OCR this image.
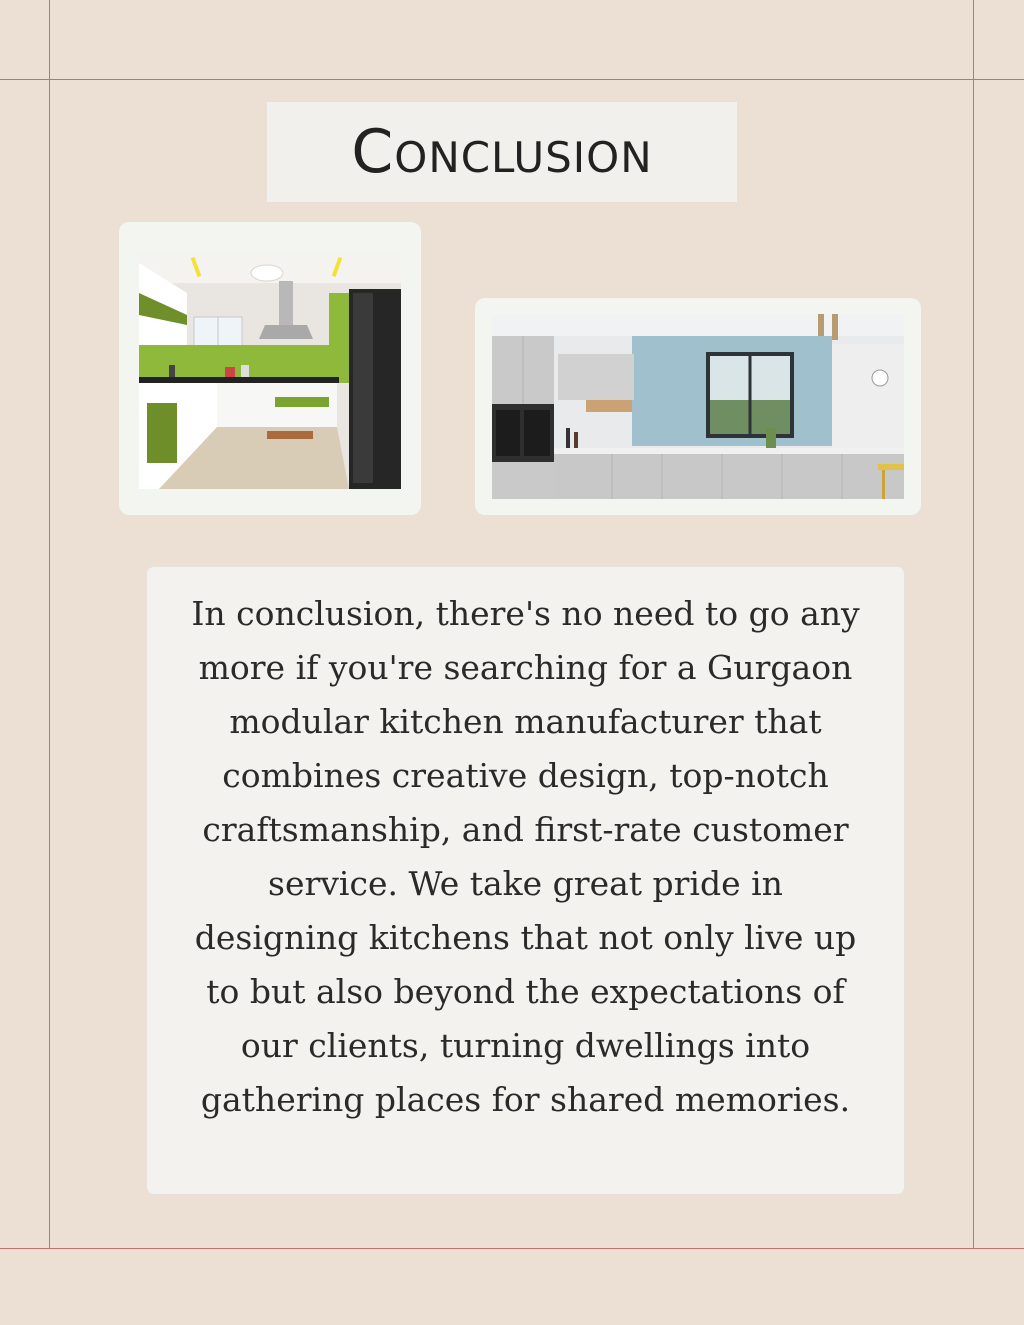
Conclusion

In conclusion, there's no need to go any more if you're searching for a Gurgaon modular kitchen manufacturer that combines creative design, top-notch craftsmanship, and first-rate customer service. We take great pride in designing kitchens that not only live up to but also beyond the expectations of our clients, turning dwellings into gathering places for shared memories.
